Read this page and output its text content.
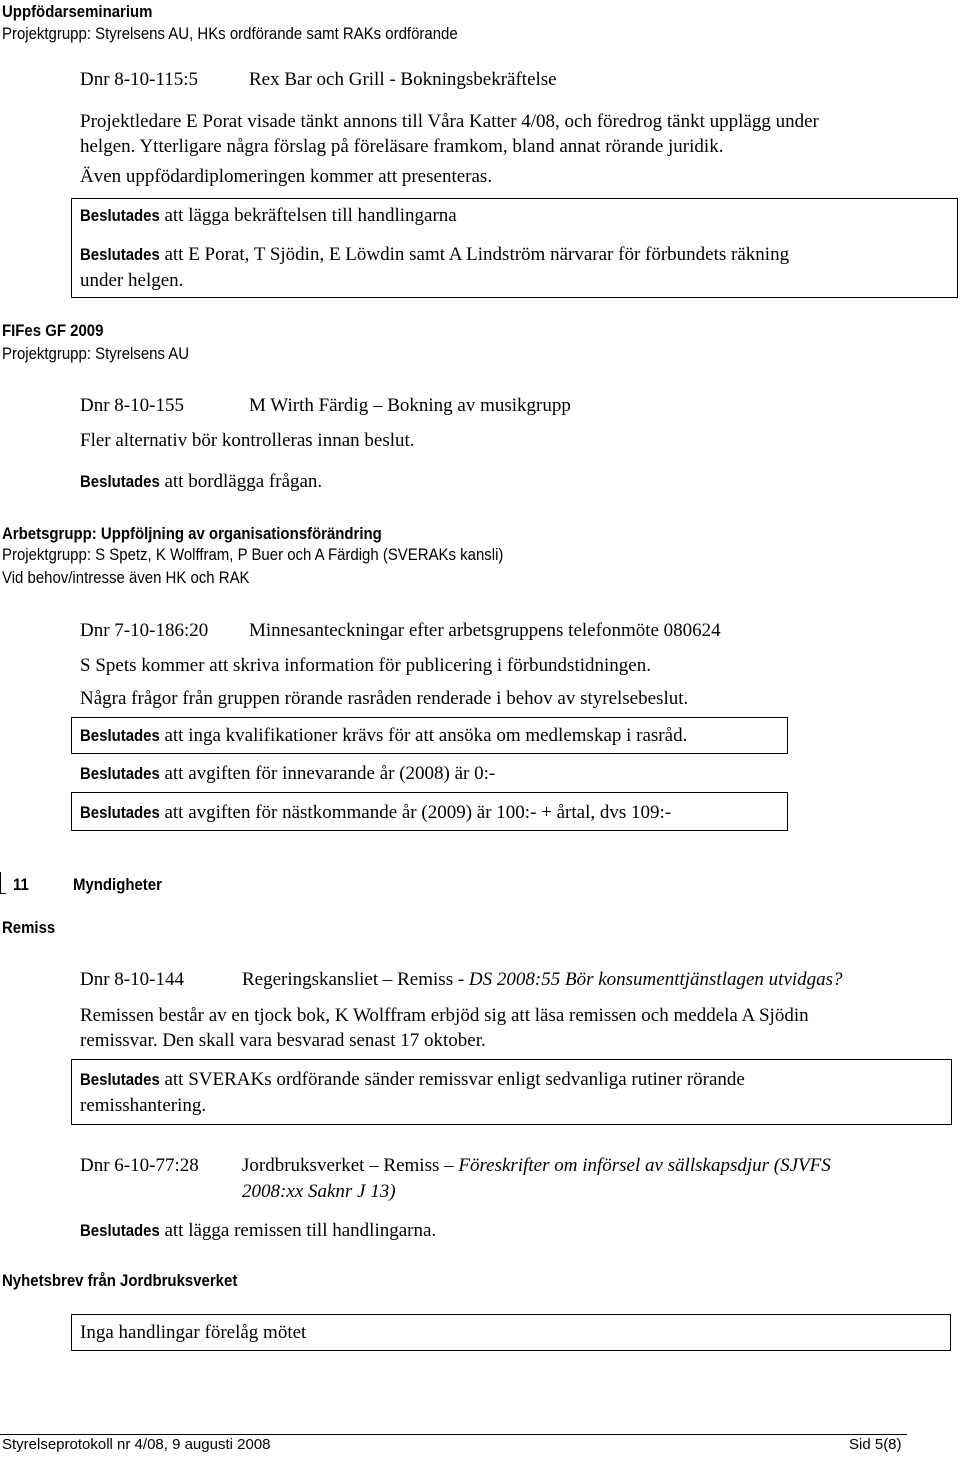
Uppfödarseminarium
Projektgrupp: Styrelsens AU, HKs ordförande samt RAKs ordförande
Dnr 8-10-115:5	Rex Bar och Grill - Bokningsbekräftelse
Projektledare E Porat visade tänkt annons till Våra Katter 4/08, och föredrog tänkt upplägg under
helgen. Ytterligare några förslag på föreläsare framkom, bland annat rörande juridik.
Även uppfödardiplomeringen kommer att presenteras.
Beslutades att lägga bekräftelsen till handlingarna
Beslutades att E Porat, T Sjödin, E Löwdin samt A Lindström närvarar för förbundets räkning
under helgen.
FIFes GF 2009
Projektgrupp: Styrelsens AU
Dnr 8-10-155	M Wirth Färdig – Bokning av musikgrupp
Fler alternativ bör kontrolleras innan beslut.
Beslutades att bordlägga frågan.
Arbetsgrupp: Uppföljning av organisationsförändring
Projektgrupp: S Spetz, K Wolffram, P Buer och A Färdigh (SVERAKs kansli)
Vid behov/intresse även HK och RAK
Dnr 7-10-186:20 Minnesanteckningar efter arbetsgruppens telefonmöte 080624
S Spets kommer att skriva information för publicering i förbundstidningen.
Några frågor från gruppen rörande rasråden renderade i behov av styrelsebeslut.
Beslutades att inga kvalifikationer krävs för att ansöka om medlemskap i rasråd.
Beslutades att avgiften för innevarande år (2008) är 0:-
Beslutades att avgiften för nästkommande år (2009) är 100:- + årtal, dvs 109:-
11	Myndigheter
Remiss
Dnr 8-10-144	Regeringskansliet – Remiss - DS 2008:55 Bör konsumenttjänstlagen utvidgas?
Remissen består av en tjock bok, K Wolffram erbjöd sig att läsa remissen och meddela A Sjödin
remissvar. Den skall vara besvarad senast 17 oktober.
Beslutades att SVERAKs ordförande sänder remissvar enligt sedvanliga rutiner rörande
remisshantering.
Dnr 6-10-77:28 Jordbruksverket – Remiss – Föreskrifter om införsel av sällskapsdjur (SJVFS
2008:xx Saknr J 13)
Beslutades att lägga remissen till handlingarna.
Nyhetsbrev från Jordbruksverket
Inga handlingar förelåg mötet
Styrelseprotokoll nr 4/08, 9 augusti 2008	Sid 5(8)
